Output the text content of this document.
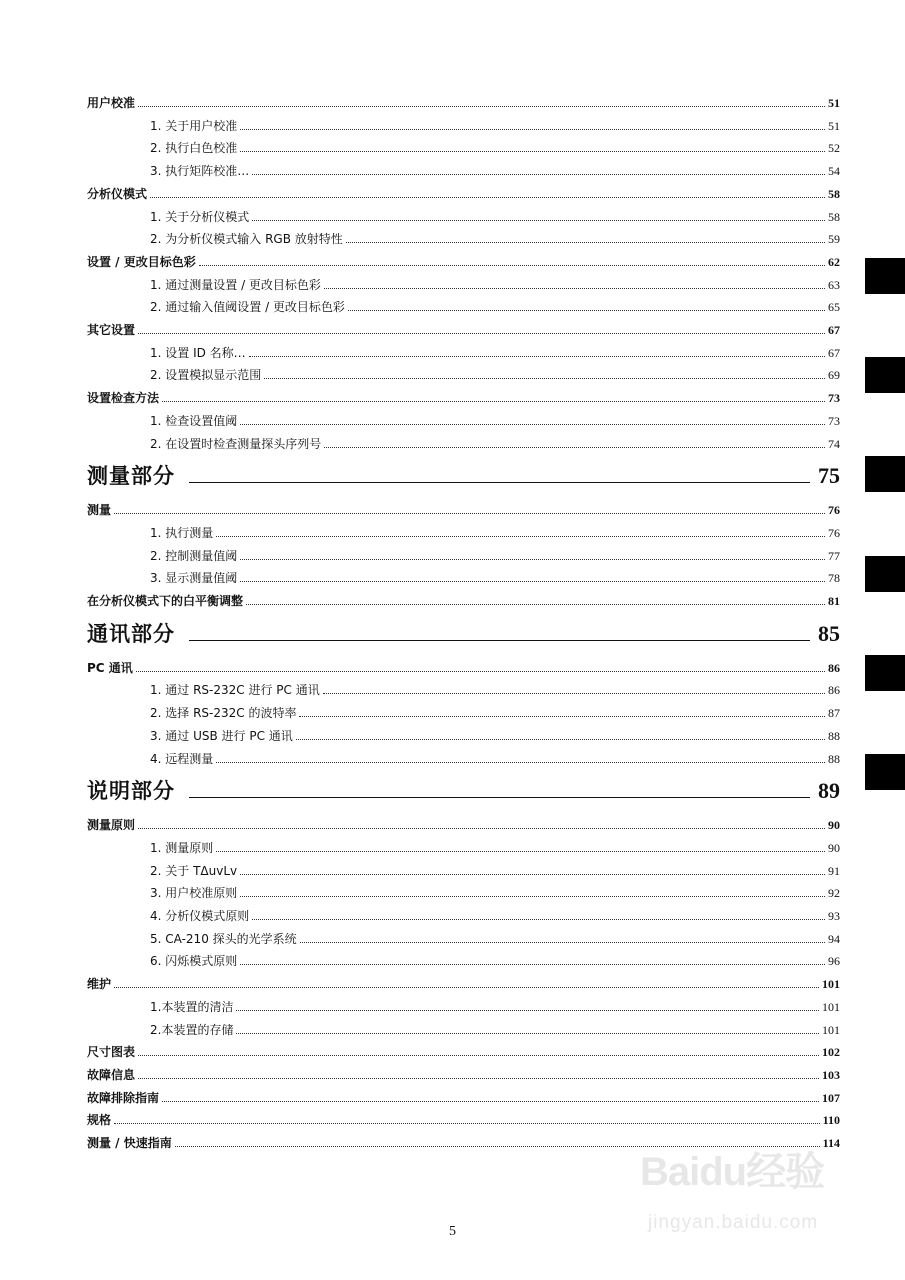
用户校准	51
1. 关于用户校准	51
2. 执行白色校准	52
3. 执行矩阵校准…	54
分析仪模式	58
1. 关于分析仪模式	58
2. 为分析仪模式输入 RGB 放射特性	59
设置 / 更改目标色彩	62
1. 通过测量设置 / 更改目标色彩	63
2. 通过输入值阈设置 / 更改目标色彩	65
其它设置	67
1. 设置 ID 名称…	67
2. 设置模拟显示范围	69
设置检查方法	73
1. 检查设置值阈	73
2. 在设置时检查测量探头序列号	74
测量部分	75
测量	76
1. 执行测量	76
2. 控制测量值阈	77
3. 显示测量值阈	78
在分析仪模式下的白平衡调整	81
通讯部分	85
PC 通讯	86
1. 通过 RS-232C 进行 PC 通讯	86
2. 选择 RS-232C 的波特率	87
3. 通过 USB 进行 PC 通讯	88
4. 远程测量	88
说明部分	89
测量原则	90
1. 测量原则	90
2. 关于 TΔuvLv	91
3. 用户校准原则	92
4. 分析仪模式原则	93
5. CA-210 探头的光学系统	94
6. 闪烁模式原则	96
维护	101
1.本装置的清洁	101
2.本装置的存储	101
尺寸图表	102
故障信息	103
故障排除指南	107
规格	110
测量 / 快速指南	114
5
Baidu经验
jingyan.baidu.com
